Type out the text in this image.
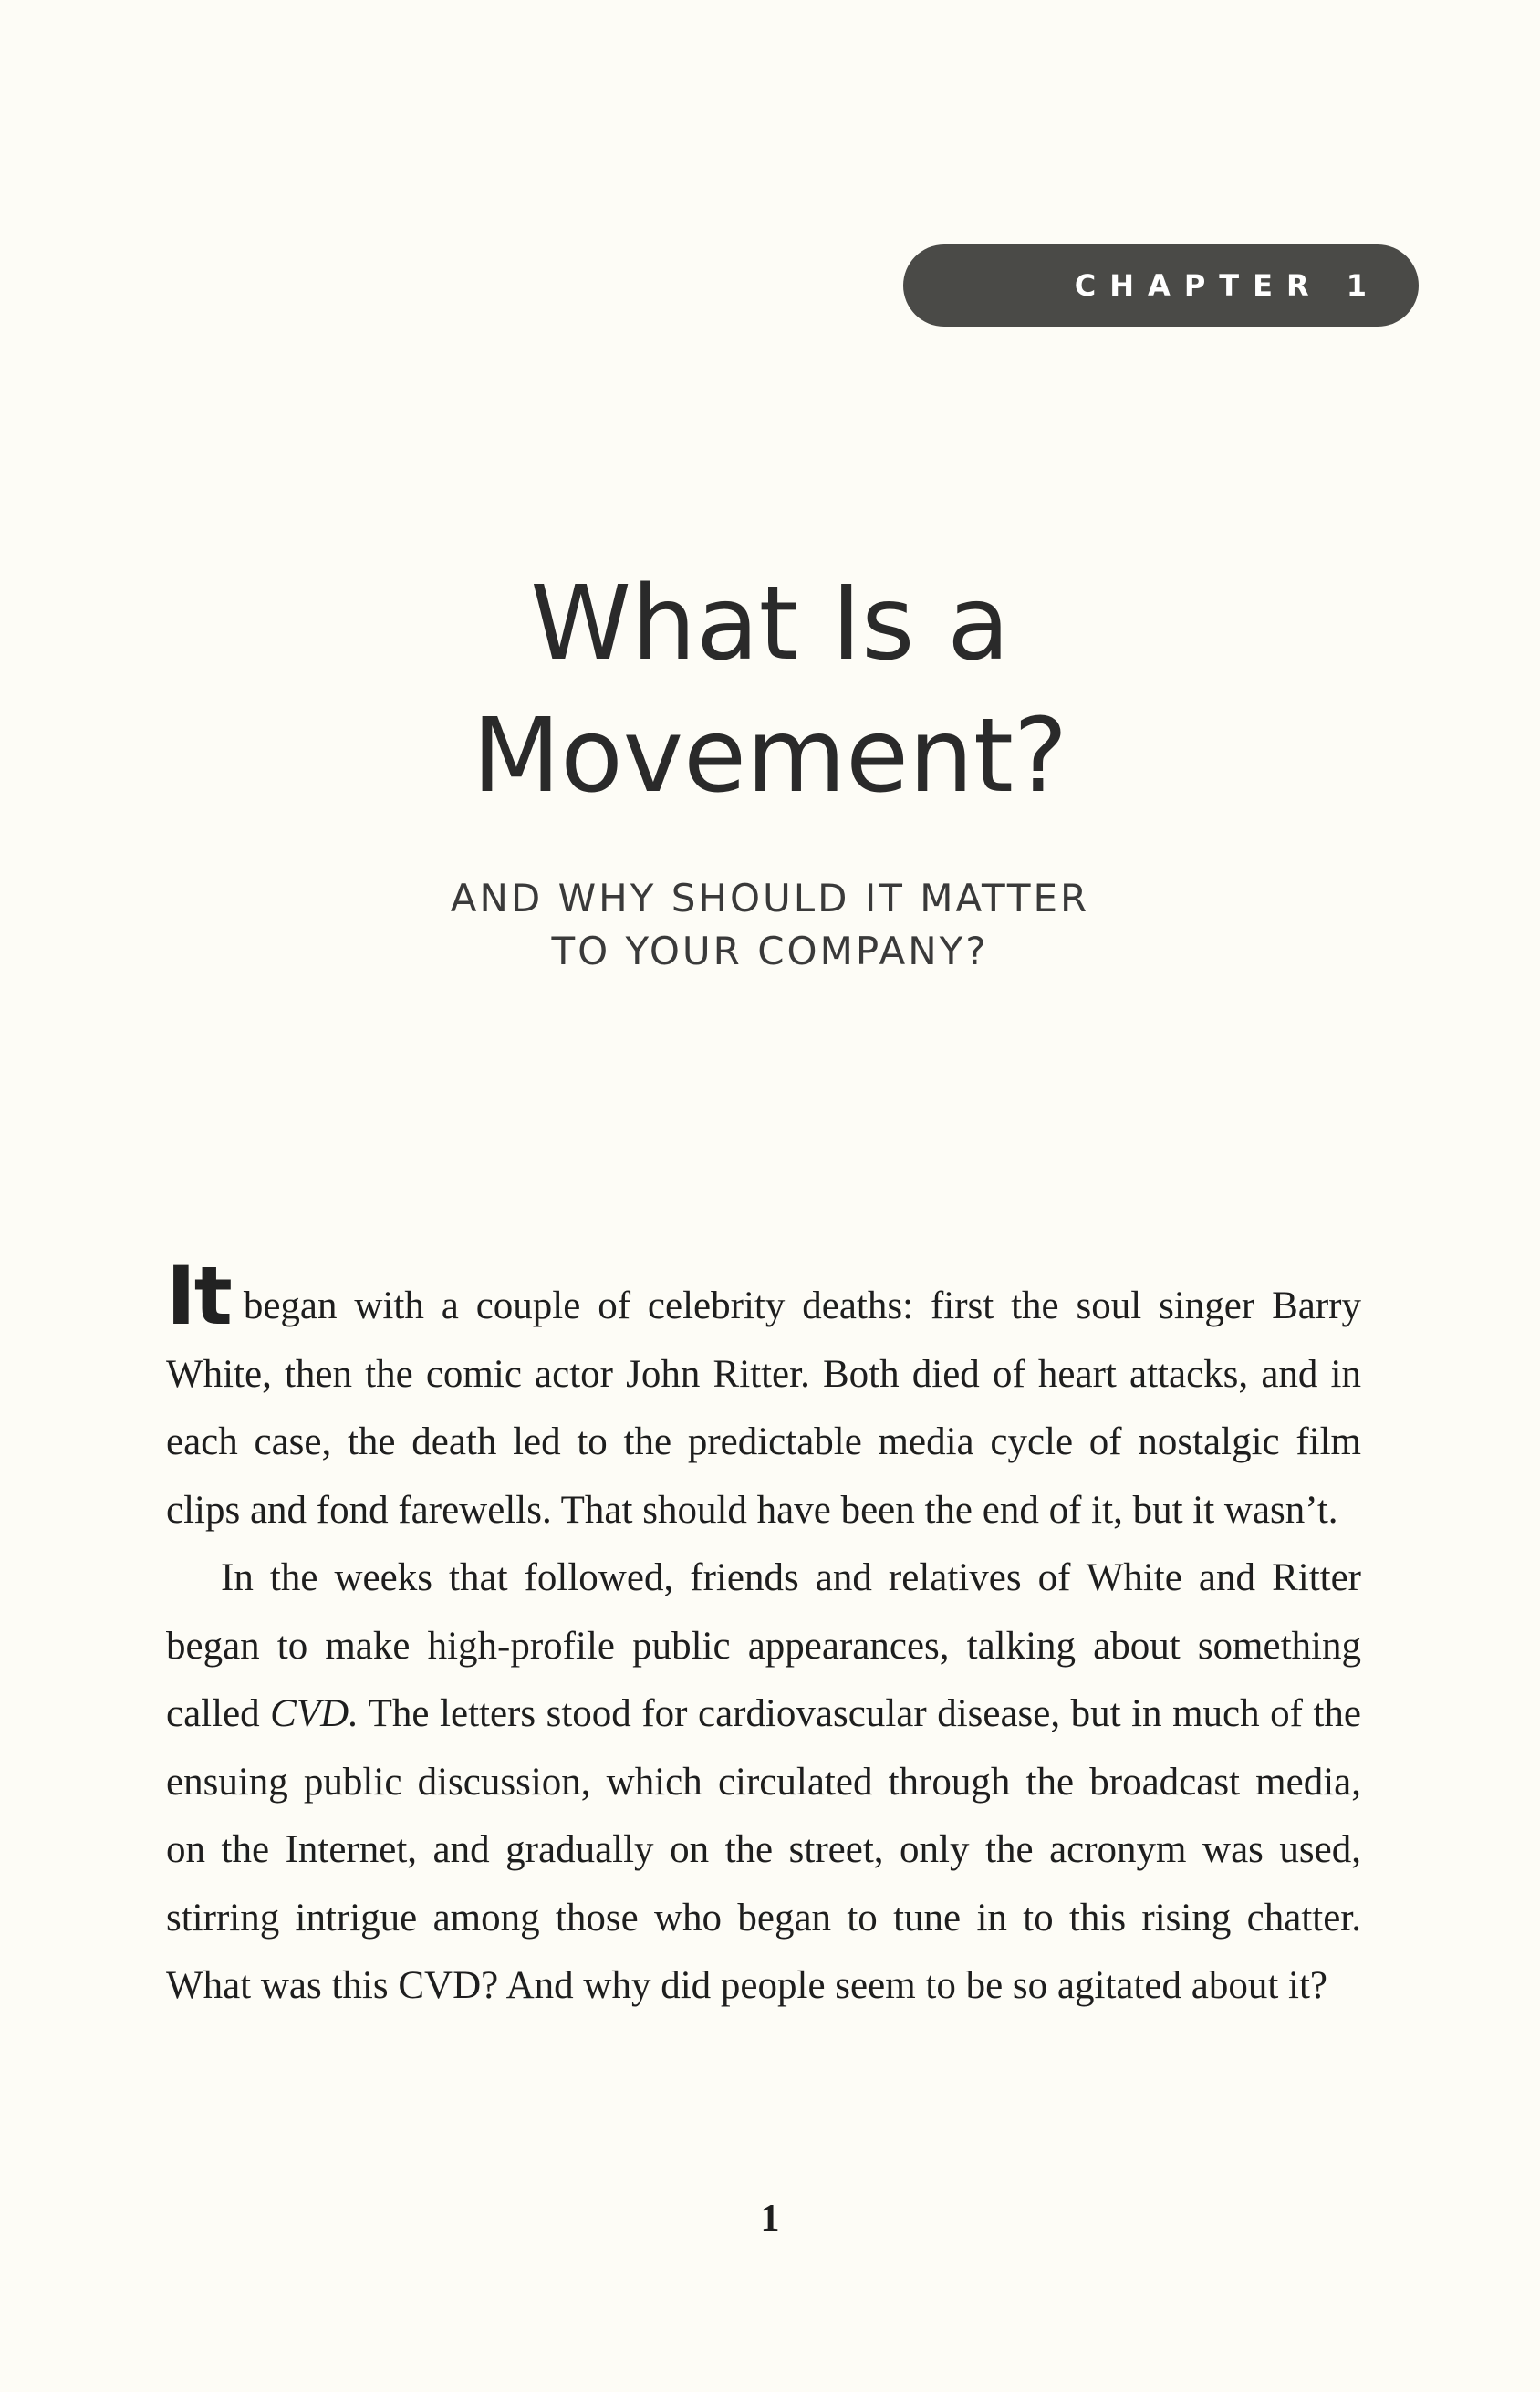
CHAPTER 1
What Is a
Movement?
AND WHY SHOULD IT MATTER
TO YOUR COMPANY?

It began with a couple of celebrity deaths: first the soul singer Barry White, then the comic actor John Ritter. Both died of heart attacks, and in each case, the death led to the predictable media cycle of nostalgic film clips and fond farewells. That should have been the end of it, but it wasn’t.

In the weeks that followed, friends and relatives of White and Ritter began to make high-profile public appearances, talking about something called CVD. The letters stood for cardiovascular disease, but in much of the ensuing public discussion, which circulated through the broadcast media, on the Internet, and gradually on the street, only the acronym was used, stirring intrigue among those who began to tune in to this rising chatter. What was this CVD? And why did people seem to be so agitated about it?

1
